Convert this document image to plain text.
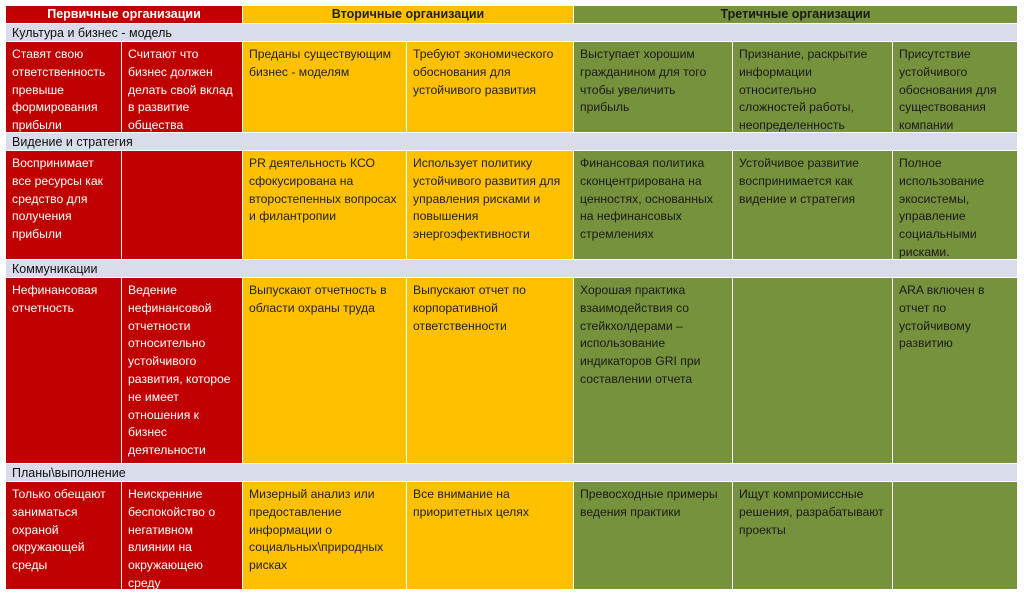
Первичные организации	Вторичные организации	Третичные организации
Культура и бизнес - модель
Ставят свою ответственность превыше формирования прибыли
Считают что бизнес должен делать свой вклад в развитие общества
Преданы существующим бизнес - моделям
Требуют экономического обоснования для устойчивого развития
Выступает хорошим гражданином для того чтобы увеличить прибыль
Признание, раскрытие информации относительно сложностей работы, неопределенность
Присутствие устойчивого обоснования для существования компании
Видение и стратегия
Воспринимает все ресурсы как средство для получения прибыли
PR деятельность КСО сфокусирована на второстепенных вопросах и филантропии
Использует политику устойчивого развития для управления рисками и повышения энергоэфективности
Финансовая политика сконцентрирована на ценностях, основанных на нефинансовых стремлениях
Устойчивое развитие воспринимается как видение и стратегия
Полное использование экосистемы, управление социальными рисками.
Коммуникации
Нефинансовая отчетность
Ведение нефинансовой отчетности относительно устойчивого развития, которое не имеет отношения к бизнес деятельности
Выпускают отчетность в области охраны труда
Выпускают отчет по корпоративной ответственности
Хорошая практика взаимодействия со стейкхолдерами – использование индикаторов GRI при составлении отчета
ARA включен в отчет по устойчивому развитию
Планы\выполнение
Только обещают заниматься охраной окружающей среды
Неискренние беспокойство о негативном влиянии на окружающею среду
Мизерный анализ или предоставление информации о социальных\природных рисках
Все внимание на приоритетных целях
Превосходные примеры ведения практики
Ищут компромиссные решения, разрабатывают проекты
